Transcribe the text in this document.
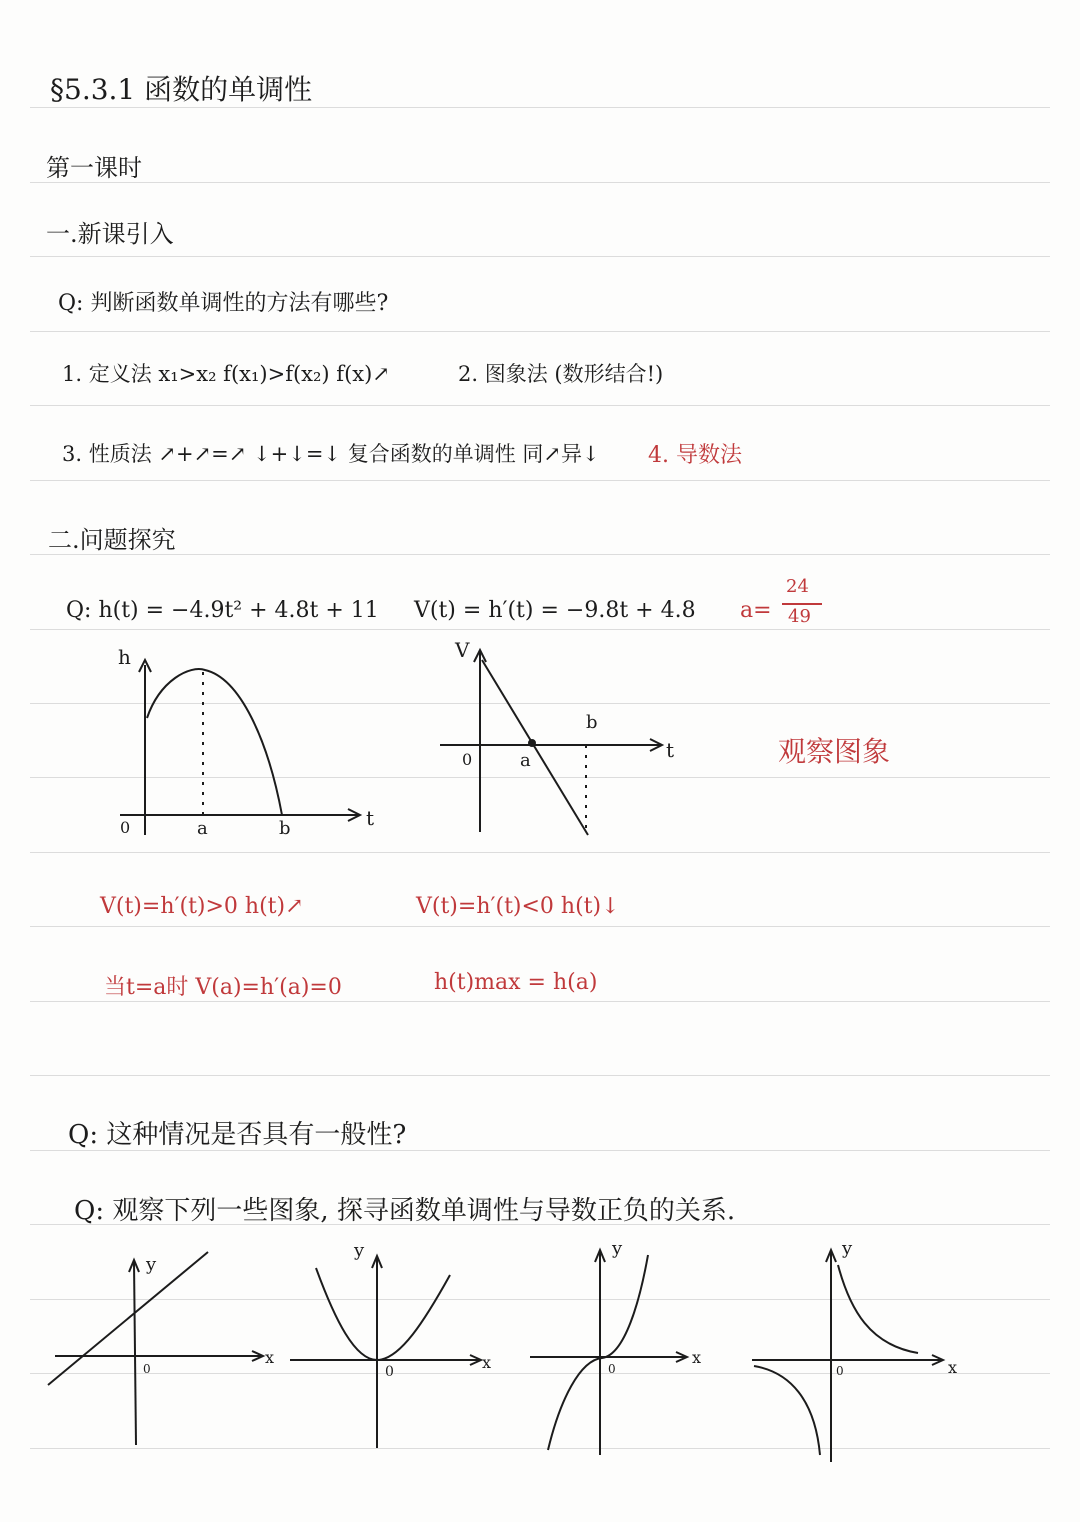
§5.3.1 函数的单调性
第一课时
一.新课引入
Q: 判断函数单调性的方法有哪些?
1. 定义法 x₁>x₂ f(x₁)>f(x₂) f(x)↗	2. 图象法 (数形结合!)
3. 性质法 ↗+↗=↗ ↓+↓=↓ 复合函数的单调性 同↗异↓ 4. 导数法
二.问题探究
Q: h(t) = −4.9t² + 4.8t + 11 V(t) = h′(t) = −9.8t + 4.8 a=
24
49
h
t
0	a	b
V
t
0	a
b
观察图象
V(t)=h′(t)>0 h(t)↗	V(t)=h′(t)<0 h(t)↓
当t=a时 V(a)=h′(a)=0	h(t)max = h(a)
Q: 这种情况是否具有一般性?
Q: 观察下列一些图象, 探寻函数单调性与导数正负的关系.
y
x
0
y
x
0
y
x
0
y
x
0
